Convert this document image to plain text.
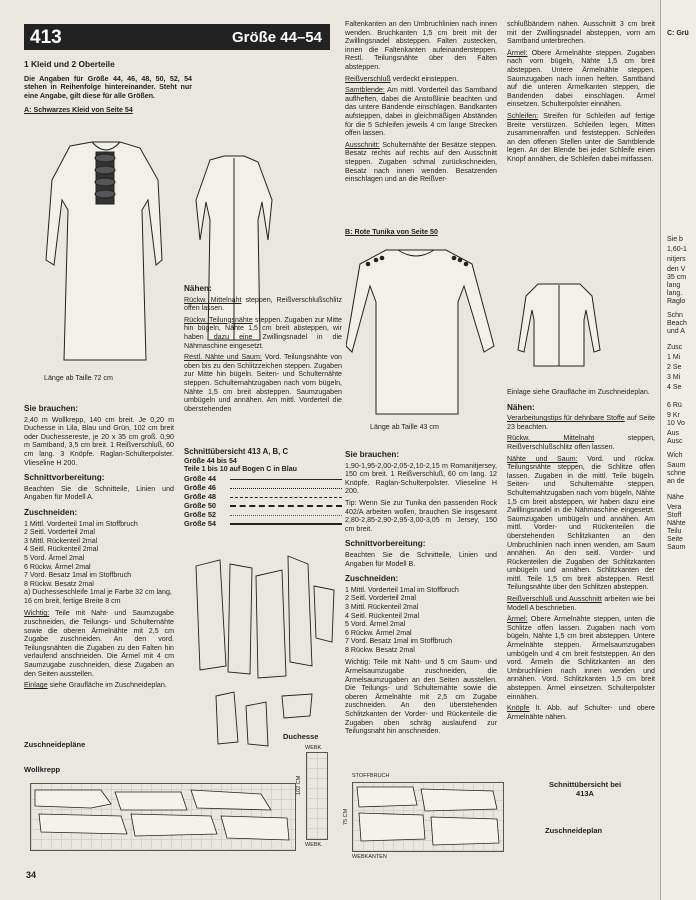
413	Größe 44–54
1 Kleid und 2 Oberteile
Die Angaben für Größe 44, 46, 48, 50, 52, 54 stehen in Reihenfolge hintereinander. Steht nur eine Angabe, gilt diese für alle Größen.
A: Schwarzes Kleid von Seite 54
Länge ab Taille 72 cm
Sie brauchen:
2,40 m Wollkrepp, 140 cm breit. Je 0,20 m Duchesse in Lila, Blau und Grün, 102 cm breit oder Duchessereste, je 20 x 35 cm groß. 0,90 m Samtband, 3,5 cm breit. 1 Reißverschluß, 60 cm lang. 3 Knöpfe. Raglan-Schulterpolster. Vlieseline H 200.
Schnittvorbereitung:
Beachten Sie die Schnitteile, Linien und Angaben für Modell A.
Zuschneiden:
1 Mittl. Vorderteil 1mal im Stoffbruch
2 Seitl. Vorderteil 2mal
3 Mittl. Rückenteil 2mal
4 Seitl. Rückenteil 2mal
5 Vord. Ärmel 2mal
6 Rückw. Ärmel 2mal
7 Vord. Besatz 1mal im Stoffbruch
8 Rückw. Besatz 2mal
a) Duchesseschleife 1mal je Farbe 32 cm lang, 16 cm breit, fertige Breite 8 cm
Wichtig: Teile mit Naht- und Saumzugabe zuschneiden, die Teilungs- und Schulternähte sowie die oberen Ärmelnähte mit 2,5 cm Zugabe zuschneiden. An den vord. Teilungsnähten die Zugaben zu den Falten hin verlaufend anschneiden. Die Ärmel mit 4 cm Saumzugabe zuschneiden, diese Zugaben an den Seiten ausstellen.
Einlage siehe Graufläche im Zuschneideplan.
Zuschneidepläne
Wollkrepp
Nähen:
Rückw. Mittelnaht steppen, Reißverschlußschlitz offen lassen.
Rückw. Teilungsnähte steppen. Zugaben zur Mitte hin bügeln, Nähte 1,5 cm breit absteppen, wir haben dazu eine Zwillingsnadel in die Nähmaschine eingesetzt.
Restl. Nähte und Saum: Vord. Teilungsnähte von oben bis zu den Schlitzzeichen steppen. Zugaben zur Mitte hin bügeln. Seiten- und Schulternähte steppen. Schulternahtzugaben nach vorn bügeln, Nähte 1,5 cm breit absteppen. Saumzugaben umbügeln und annähen. Am mittl. Vorderteil die überstehenden
Schnittübersicht 413 A, B, C
Größe 44 bis 54
Teile 1 bis 10 auf Bogen C in Blau
Größe 44
Größe 46
Größe 48
Größe 50
Größe 52
Größe 54
Duchesse
WEBK.
WEBK.
102 CM
Faltenkanten an den Umbruchlinien nach innen wenden. Bruchkanten 1,5 cm breit mit der Zwillingsnadel absteppen. Falten zustecken, innen die Faltenkanten aufeinandersteppen. Restl. Teilungsnähte über den Falten absteppen.
Reißverschluß verdeckt einsteppen.
Samtblende: Am mittl. Vorderteil das Samtband auflheften, dabei die Anstoßlinie beachten und das untere Bandende einschlagen. Bandkanten aufsteppen, dabei in gleichmäßigen Abständen für die 5 Schleifen jeweils 4 cm lange Strecken offen lassen.
Ausschnitt: Schulternähte der Besätze steppen. Besatz rechts auf rechts auf den Ausschnitt steppen. Zugaben schmal zurückschneiden, Besatz nach innen wenden. Besatzenden einschlagen und an die Reißver-
B: Rote Tunika von Seite 50
Länge ab Taille 43 cm
Sie brauchen:
1,90-1,95-2,00-2,05-2,10-2,15 m Romanitjersey, 150 cm breit. 1 Reißverschluß, 60 cm lang. 12 Knöpfe. Raglan-Schulterpolster. Vlieseline H 200.
Tip: Wenn Sie zur Tunika den passenden Rock 402/A arbeiten wollen, brauchen Sie insgesamt 2,80-2,85-2,90-2,95-3,00-3,05 m Jersey, 150 cm breit.
Schnittvorbereitung:
Beachten Sie die Schnitteile, Linien und Angaben für Modell B.
Zuschneiden:
1 Mittl. Vorderteil 1mal im Stoffbruch
2 Seitl. Vorderteil 2mal
3 Mittl. Rückenteil 2mal
4 Seitl. Rückenteil 2mal
5 Vord. Ärmel 2mal
6 Rückw. Ärmel 2mal
7 Vord. Besatz 1mal im Stoffbruch
8 Rückw. Besatz 2mal
Wichtig: Teile mit Naht- und 5 cm Saum- und Ärmelsaumzugabe zuschneiden, die Ärmelsaumzugaben an den Seiten ausstellen. Die Teilungs- und Schulternähte sowie die oberen Ärmelnähte mit 2,5 cm Zugabe zuschneiden. An den überstehenden Schlitzkanten der Vorder- und Rückenteile die Zugaben oben schräg auslaufend zur Teilungsnaht hin anschneiden.
STOFFBRUCH
WEBKANTEN
75 CM
schlußbändern nähen. Ausschnitt 3 cm breit mit der Zwillingsnadel absteppen, vorn am Samtband unterbrechen.
Ärmel: Obere Ärmelnähte steppen. Zugaben nach vorn bügeln, Nähte 1,5 cm breit absteppen. Untere Ärmelnähte steppen. Saumzugaben nach innen heften. Samtband auf die unteren Ärmelkanten steppen, die Bandenden dabei einschlagen. Ärmel einsetzen. Schulterpolster einnähen.
Schleifen: Streifen für Schleifen auf fertige Breite verstürzen. Schleifen legen, Mitten zusammenraffen und feststeppen. Schleifen an den offenen Stellen unter die Samtblende legen. An der Blende bei jeder Schleife einen Knopf annähen, die Schleifen dabei mitfassen.
Einlage siehe Graufläche im Zuschneideplan.
Nähen:
Verarbeitungstips für dehnbare Stoffe auf Seite 23 beachten.
Rückw. Mittelnaht	steppen, Reißverschlußschlitz offen lassen.
Nähte und Saum: Vord. und rückw. Teilungsnähte steppen, die Schlitze offen lassen. Zugaben in die mittl. Teile bügeln. Seiten- und Schulternähte steppen. Schulternahtzugaben nach vorn bügeln, Nähte 1,5 cm breit absteppen, wir haben dazu eine Zwillingsnadel in die Nähmaschine eingesetzt. Saumzugaben umbügeln und annähen. Am mittl. Vorder- und Rückenteilen die überstehenden Schlitzkanten an den Umbruchlinien nach innen wenden, am Saum annähen. An den seitl. Vorder- und Rückenteilen die Zugaben der Schlitzkanten umbügeln und annähen. Schlitzkanten der mittl. Teile 1,5 cm breit absteppen. Restl. Teilungsnähte über den Schlitzen absteppen.
Reißverschluß und Ausschnitt arbeiten wie bei Modell A beschrieben.
Ärmel: Obere Ärmelnähte steppen, unten die Schlitze offen lassen. Zugaben nach vorn bügeln, Nähte 1,5 cm breit absteppen. Untere Ärmelnähte steppen. Ärmelsaumzugaben umbügeln und 4 cm breit feststeppen. An den vord. Ärmeln die Schlitzkanten an den Umbruchlinien nach innen wenden und annähen. Vord. Schlitzkanten 1,5 cm breit absteppen. Ärmel einsetzen. Schulterpolster einnähen.
Knöpfe lt. Abb. auf Schulter- und obere Ärmelnähte nähen.
Schnittübersicht bei 413A
Zuschneideplan
34
C: Grü
Sie b
1,60-1
nitjers
den V
35 cm
lang
lang.
Raglo
Schn
Beach
und A
Zusc
1 Mi
2 Se
3 Mi
4 Se
6 Rü
9 Kr
10 Vo
Aus
Ausc
Wich
Saum
schne
an de
Nähe
Vera
Stoff
Nähte
Teilu
Seite
Saum
